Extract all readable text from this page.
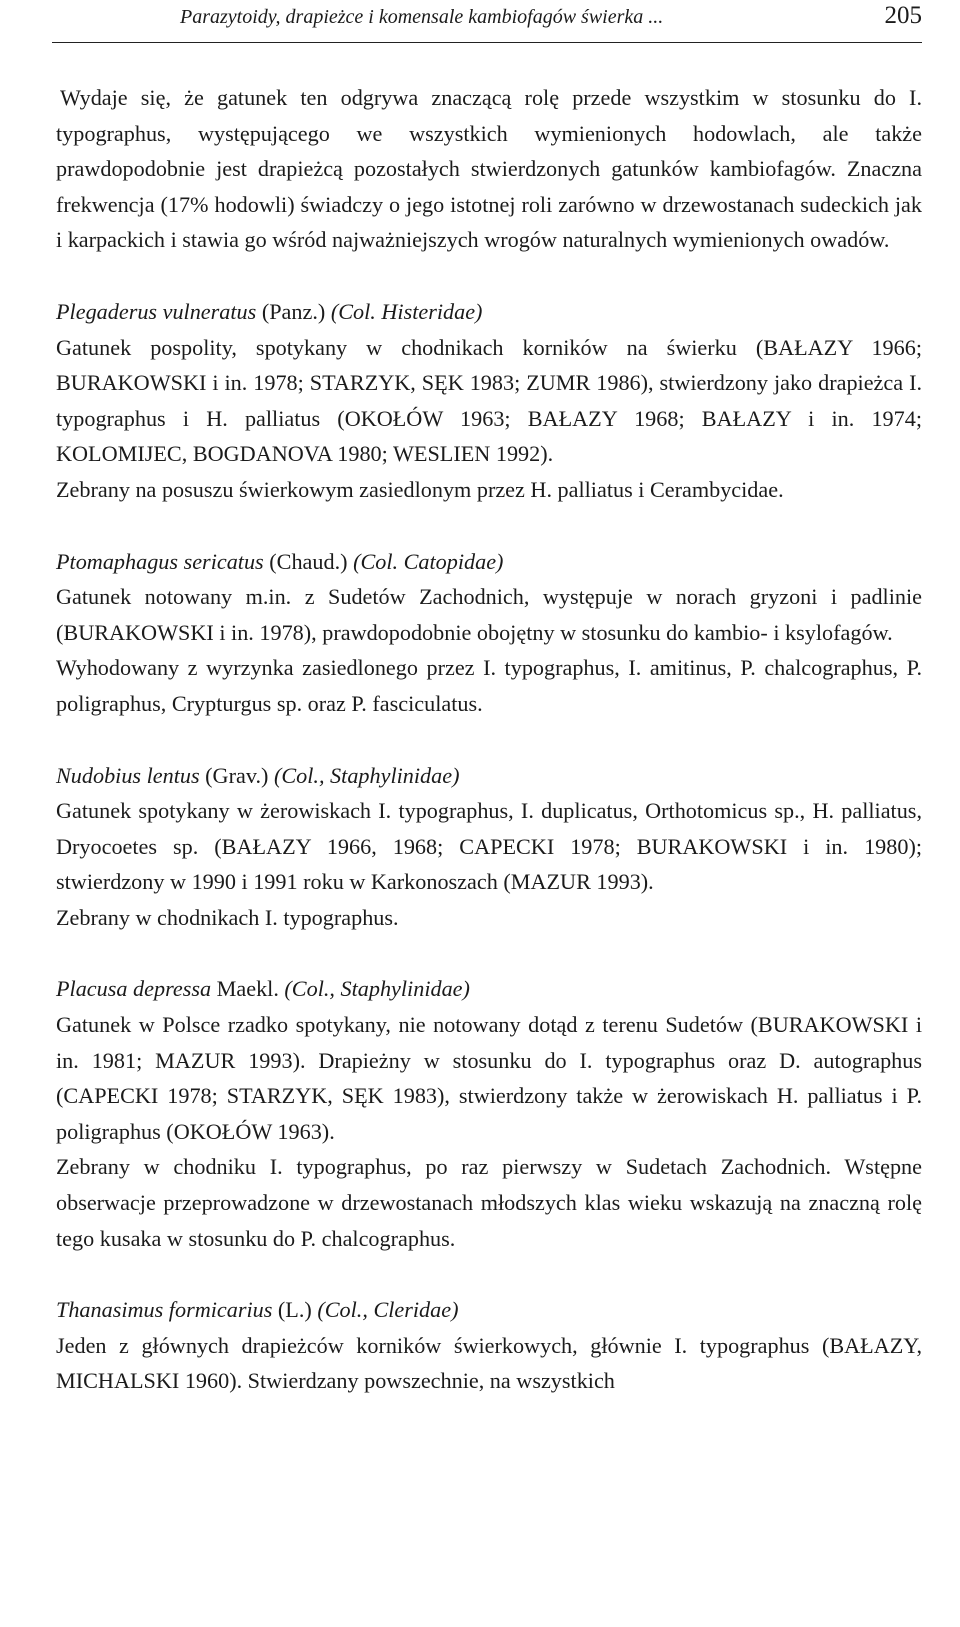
Parazytoidy, drapieżce i komensale kambiofagów świerka ...	205

Wydaje się, że gatunek ten odgrywa znaczącą rolę przede wszystkim w stosunku do I. typographus, występującego we wszystkich wymienionych hodowlach, ale także prawdopodobnie jest drapieżcą pozostałych stwierdzonych gatunków kambiofagów. Znaczna frekwencja (17% hodowli) świadczy o jego istotnej roli zarówno w drzewostanach sudeckich jak i karpackich i stawia go wśród najważniejszych wrogów naturalnych wymienionych owadów.

Plegaderus vulneratus (Panz.) (Col. Histeridae)

Gatunek pospolity, spotykany w chodnikach korników na świerku (BAŁAZY 1966; BURAKOWSKI i in. 1978; STARZYK, SĘK 1983; ZUMR 1986), stwierdzony jako drapieżca I. typographus i H. palliatus (OKOŁÓW 1963; BAŁAZY 1968; BAŁAZY i in. 1974; KOLOMIJEC, BOGDANOVA 1980; WESLIEN 1992).

Zebrany na posuszu świerkowym zasiedlonym przez H. palliatus i Cerambycidae.

Ptomaphagus sericatus (Chaud.) (Col. Catopidae)

Gatunek notowany m.in. z Sudetów Zachodnich, występuje w norach gryzoni i padlinie (BURAKOWSKI i in. 1978), prawdopodobnie obojętny w stosunku do kambio- i ksylofagów.

Wyhodowany z wyrzynka zasiedlonego przez I. typographus, I. amitinus, P. chalcographus, P. poligraphus, Crypturgus sp. oraz P. fasciculatus.

Nudobius lentus (Grav.) (Col., Staphylinidae)

Gatunek spotykany w żerowiskach I. typographus, I. duplicatus, Orthotomicus sp., H. palliatus, Dryocoetes sp. (BAŁAZY 1966, 1968; CAPECKI 1978; BURAKOWSKI i in. 1980); stwierdzony w 1990 i 1991 roku w Karkonoszach (MAZUR 1993).

Zebrany w chodnikach I. typographus.

Placusa depressa Maekl. (Col., Staphylinidae)

Gatunek w Polsce rzadko spotykany, nie notowany dotąd z terenu Sudetów (BURAKOWSKI i in. 1981; MAZUR 1993). Drapieżny w stosunku do I. typographus oraz D. autographus (CAPECKI 1978; STARZYK, SĘK 1983), stwierdzony także w żerowiskach H. palliatus i P. poligraphus (OKOŁÓW 1963).

Zebrany w chodniku I. typographus, po raz pierwszy w Sudetach Zachodnich. Wstępne obserwacje przeprowadzone w drzewostanach młodszych klas wieku wskazują na znaczną rolę tego kusaka w stosunku do P. chalcographus.

Thanasimus formicarius (L.) (Col., Cleridae)

Jeden z głównych drapieżców korników świerkowych, głównie I. typographus (BAŁAZY, MICHALSKI 1960). Stwierdzany powszechnie, na wszystkich
